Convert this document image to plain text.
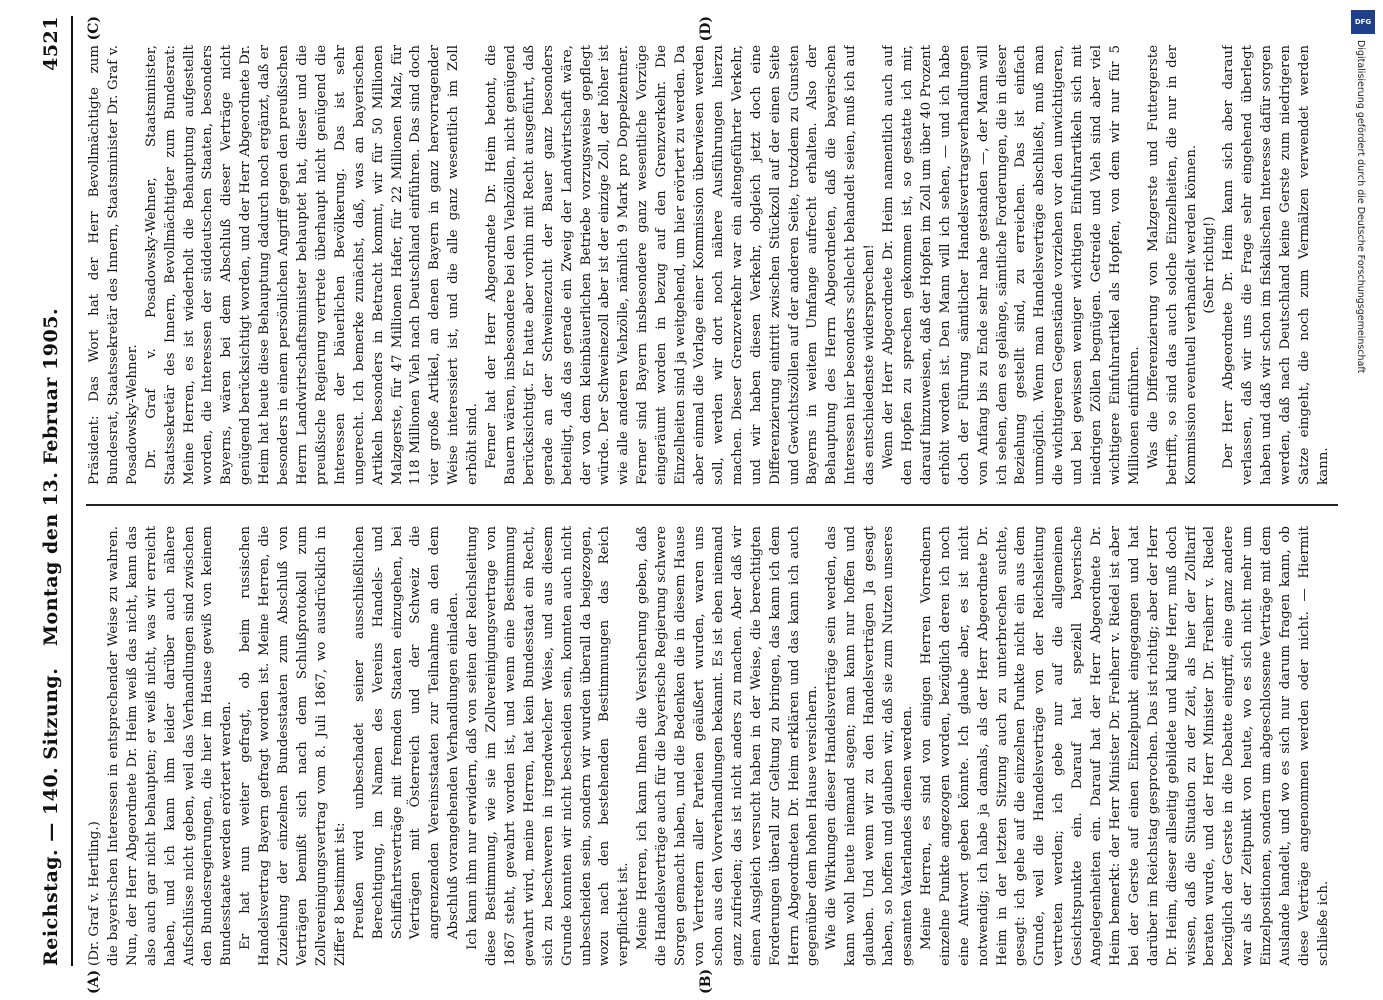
Reichstag. — 140. Sitzung.
Montag den 13. Februar 1905.
4521
(A)	(B)
(C)	(D)

(Dr. Graf v. Hertling.) die bayerischen Interessen in entsprechender Weise zu wahren. Nun, der Herr Abgeordnete Dr. Heim weiß das nicht, kann das also auch gar nicht behaupten; er weiß nicht, was wir erreicht haben, und ich kann ihm leider darüber auch nähere Aufschlüsse nicht geben, weil das Verhandlungen sind zwischen den Bundesregierungen, die hier im Hause gewiß von keinem Bundesstaate werden erörtert werden. Er hat nun weiter gefragt, ob beim russischen Handelsvertrag Bayern gefragt worden ist. Meine Herren, die Zuziehung der einzelnen Bundesstaaten zum Abschluß von Verträgen bemißt sich nach dem Schlußprotokoll zum Zollvereinigungsvertrag vom 8. Juli 1867, wo ausdrücklich in Ziffer 8 bestimmt ist: Preußen wird unbeschadet seiner ausschließlichen Berechtigung, im Namen des Vereins Handels- und Schiffahrtsverträge mit fremden Staaten einzugehen, bei Verträgen mit Österreich und der Schweiz die angrenzenden Vereinsstaaten zur Teilnahme an den dem Abschluß vorangehenden Verhandlungen einladen. Ich kann ihm nur erwidern, daß von seiten der Reichsleitung diese Bestimmung, wie sie im Zollvereinigungsvertrage von 1867 steht, gewahrt worden ist, und wenn eine Bestimmung gewahrt wird, meine Herren, hat kein Bundesstaat ein Recht, sich zu beschweren in irgendwelcher Weise, und aus diesem Grunde konnten wir nicht bescheiden sein, konnten auch nicht unbescheiden sein, sondern wir wurden überall da beigezogen, wozu nach den bestehenden Bestimmungen das Reich verpflichtet ist. Meine Herren, ich kann Ihnen die Versicherung geben, daß die Handelsverträge auch für die bayerische Regierung schwere Sorgen gemacht haben, und die Bedenken die in diesem Hause von Vertretern aller Parteien geäußert wurden, waren uns schon aus den Vorverhandlungen bekannt. Es ist eben niemand ganz zufrieden; das ist nicht anders zu machen. Aber daß wir einen Ausgleich versucht haben in der Weise, die berechtigten Forderungen überall zur Geltung zu bringen, das kann ich dem Herrn Abgeordneten Dr. Heim erklären und das kann ich auch gegenüber dem hohen Hause versichern. Wie die Wirkungen dieser Handelsverträge sein werden, das kann wohl heute niemand sagen; man kann nur hoffen und glauben. Und wenn wir zu den Handelsverträgen Ja gesagt haben, so hoffen und glauben wir, daß sie zum Nutzen unseres gesamten Vaterlandes dienen werden. Meine Herren, es sind von einigen Herren Vorrednern einzelne Punkte angezogen worden, bezüglich deren ich noch eine Antwort geben könnte. Ich glaube aber, es ist nicht notwendig; ich habe ja damals, als der Herr Abgeordnete Dr. Heim in der letzten Sitzung auch zu unterbrechen suchte, gesagt: ich gehe auf die einzelnen Punkte nicht ein aus dem Grunde, weil die Handelsverträge von der Reichsleitung vertreten werden; ich gebe nur auf die allgemeinen Gesichtspunkte ein. Darauf hat speziell bayerische Angelegenheiten ein. Darauf hat der Herr Abgeordnete Dr. Heim bemerkt: der Herr Minister Dr. Freiherr v. Riedel ist aber bei der Gerste auf einen Einzelpunkt eingegangen und hat darüber im Reichstag gesprochen. Das ist richtig; aber der Herr Dr. Heim, dieser allseitig gebildete und kluge Herr, muß doch wissen, daß die Situation zu der Zeit, als hier der Zolltarif beraten wurde, und der Herr Minister Dr. Freiherr v. Riedel bezüglich der Gerste in die Debatte eingriff, eine ganz andere war als der Zeitpunkt von heute, wo es sich nicht mehr um Einzelpositionen, sondern um abgeschlossene Verträge mit dem Auslande handelt, und wo es sich nur darum fragen kann, ob diese Verträge angenommen werden oder nicht. — Hiermit schließe ich.

Präsident: Das Wort hat der Herr Bevollmächtigte zum Bundesrat, Staatssekretär des Innern, Staatsminister Dr. Graf v. Posadowsky-Wehner. Dr. Graf v. Posadowsky-Wehner, Staatsminister, Staatssekretär des Innern, Bevollmächtigter zum Bundesrat: Meine Herren, es ist wiederholt die Behauptung aufgestellt worden, die Interessen der süddeutschen Staaten, besonders Bayerns, wären bei dem Abschluß dieser Verträge nicht genügend berücksichtigt worden, und der Herr Abgeordnete Dr. Heim hat heute diese Behauptung dadurch noch ergänzt, daß er besonders in einem persönlichen Angriff gegen den preußischen Herrn Landwirtschaftsminister behauptet hat, dieser und die preußische Regierung vertrete überhaupt nicht genügend die Interessen der bäuerlichen Bevölkerung. Das ist sehr ungerecht. Ich bemerke zunächst, daß, was an bayerischen Artikeln besonders in Betracht kommt, wir für 50 Millionen Malzgerste, für 47 Millionen Hafer, für 22 Millionen Malz, für 118 Millionen Vieh nach Deutschland einführen. Das sind doch vier große Artikel, an denen Bayern in ganz hervorragender Weise interessiert ist, und die alle ganz wesentlich im Zoll erhöht sind. Ferner hat der Herr Abgeordnete Dr. Heim betont, die Bauern wären, insbesondere bei den Viehzöllen, nicht genügend berücksichtigt. Er hatte aber vorhin mit Recht ausgeführt, daß gerade an der Schweinezucht der Bauer ganz besonders beteiligt, daß das gerade ein Zweig der Landwirtschaft wäre, der von dem kleinbäuerlichen Betriebe vorzugsweise gepflegt würde. Der Schweinezoll aber ist der einzige Zoll, der höher ist wie alle anderen Viehzölle, nämlich 9 Mark pro Doppelzentner. Ferner sind Bayern insbesondere ganz wesentliche Vorzüge eingeräumt worden in bezug auf den Grenzverkehr. Die Einzelheiten sind ja weitgehend, um hier erörtert zu werden. Da aber einmal die Vorlage einer Kommission überwiesen werden soll, werden wir dort noch nähere Ausführungen hierzu machen. Dieser Grenzverkehr war ein altengeführter Verkehr, und wir haben diesen Verkehr, obgleich jetzt doch eine Differenzierung eintritt zwischen Stückzoll auf der einen Seite und Gewichtszöllen auf der anderen Seite, trotzdem zu Gunsten Bayerns in weitem Umfange aufrecht erhalten. Also der Behauptung des Herrn Abgeordneten, daß die bayerischen Interessen hier besonders schlecht behandelt seien, muß ich auf das entschiedenste widersprechen! Wenn der Herr Abgeordnete Dr. Heim namentlich auch auf den Hopfen zu sprechen gekommen ist, so gestatte ich mir, darauf hinzuweisen, daß der Hopfen im Zoll um über 40 Prozent erhöht worden ist. Den Mann will ich sehen, — und ich habe doch der Führung sämtlicher Handelsvertragsverhandlungen von Anfang bis zu Ende sehr nahe gestanden —, der Mann will ich sehen, dem es gelänge, sämtliche Forderungen, die in dieser Beziehung gestellt sind, zu erreichen. Das ist einfach unmöglich. Wenn man Handelsverträge abschließt, muß man die wichtigeren Gegenstände vorziehen vor den unwichtigeren, und bei gewissen weniger wichtigen Einfuhrartikeln sich mit niedrigen Zöllen begnügen. Getreide und Vieh sind aber viel wichtigere Einfuhrartikel als Hopfen, von dem wir nur für 5 Millionen einführen. Was die Differenzierung von Malzgerste und Futtergerste betrifft, so sind das auch solche Einzelheiten, die nur in der Kommission eventuell verhandelt werden können. (Sehr richtig!) Der Herr Abgeordnete Dr. Heim kann sich aber darauf verlassen, daß wir uns die Frage sehr eingehend überlegt haben und daß wir schon im fiskalischen Interesse dafür sorgen werden, daß nach Deutschland keine Gerste zum niedrigeren Satze eingeht, die noch zum Vermälzen verwendet werden kann.

DFG
Digitalisierung gefördert durch die Deutsche Forschungsgemeinschaft
